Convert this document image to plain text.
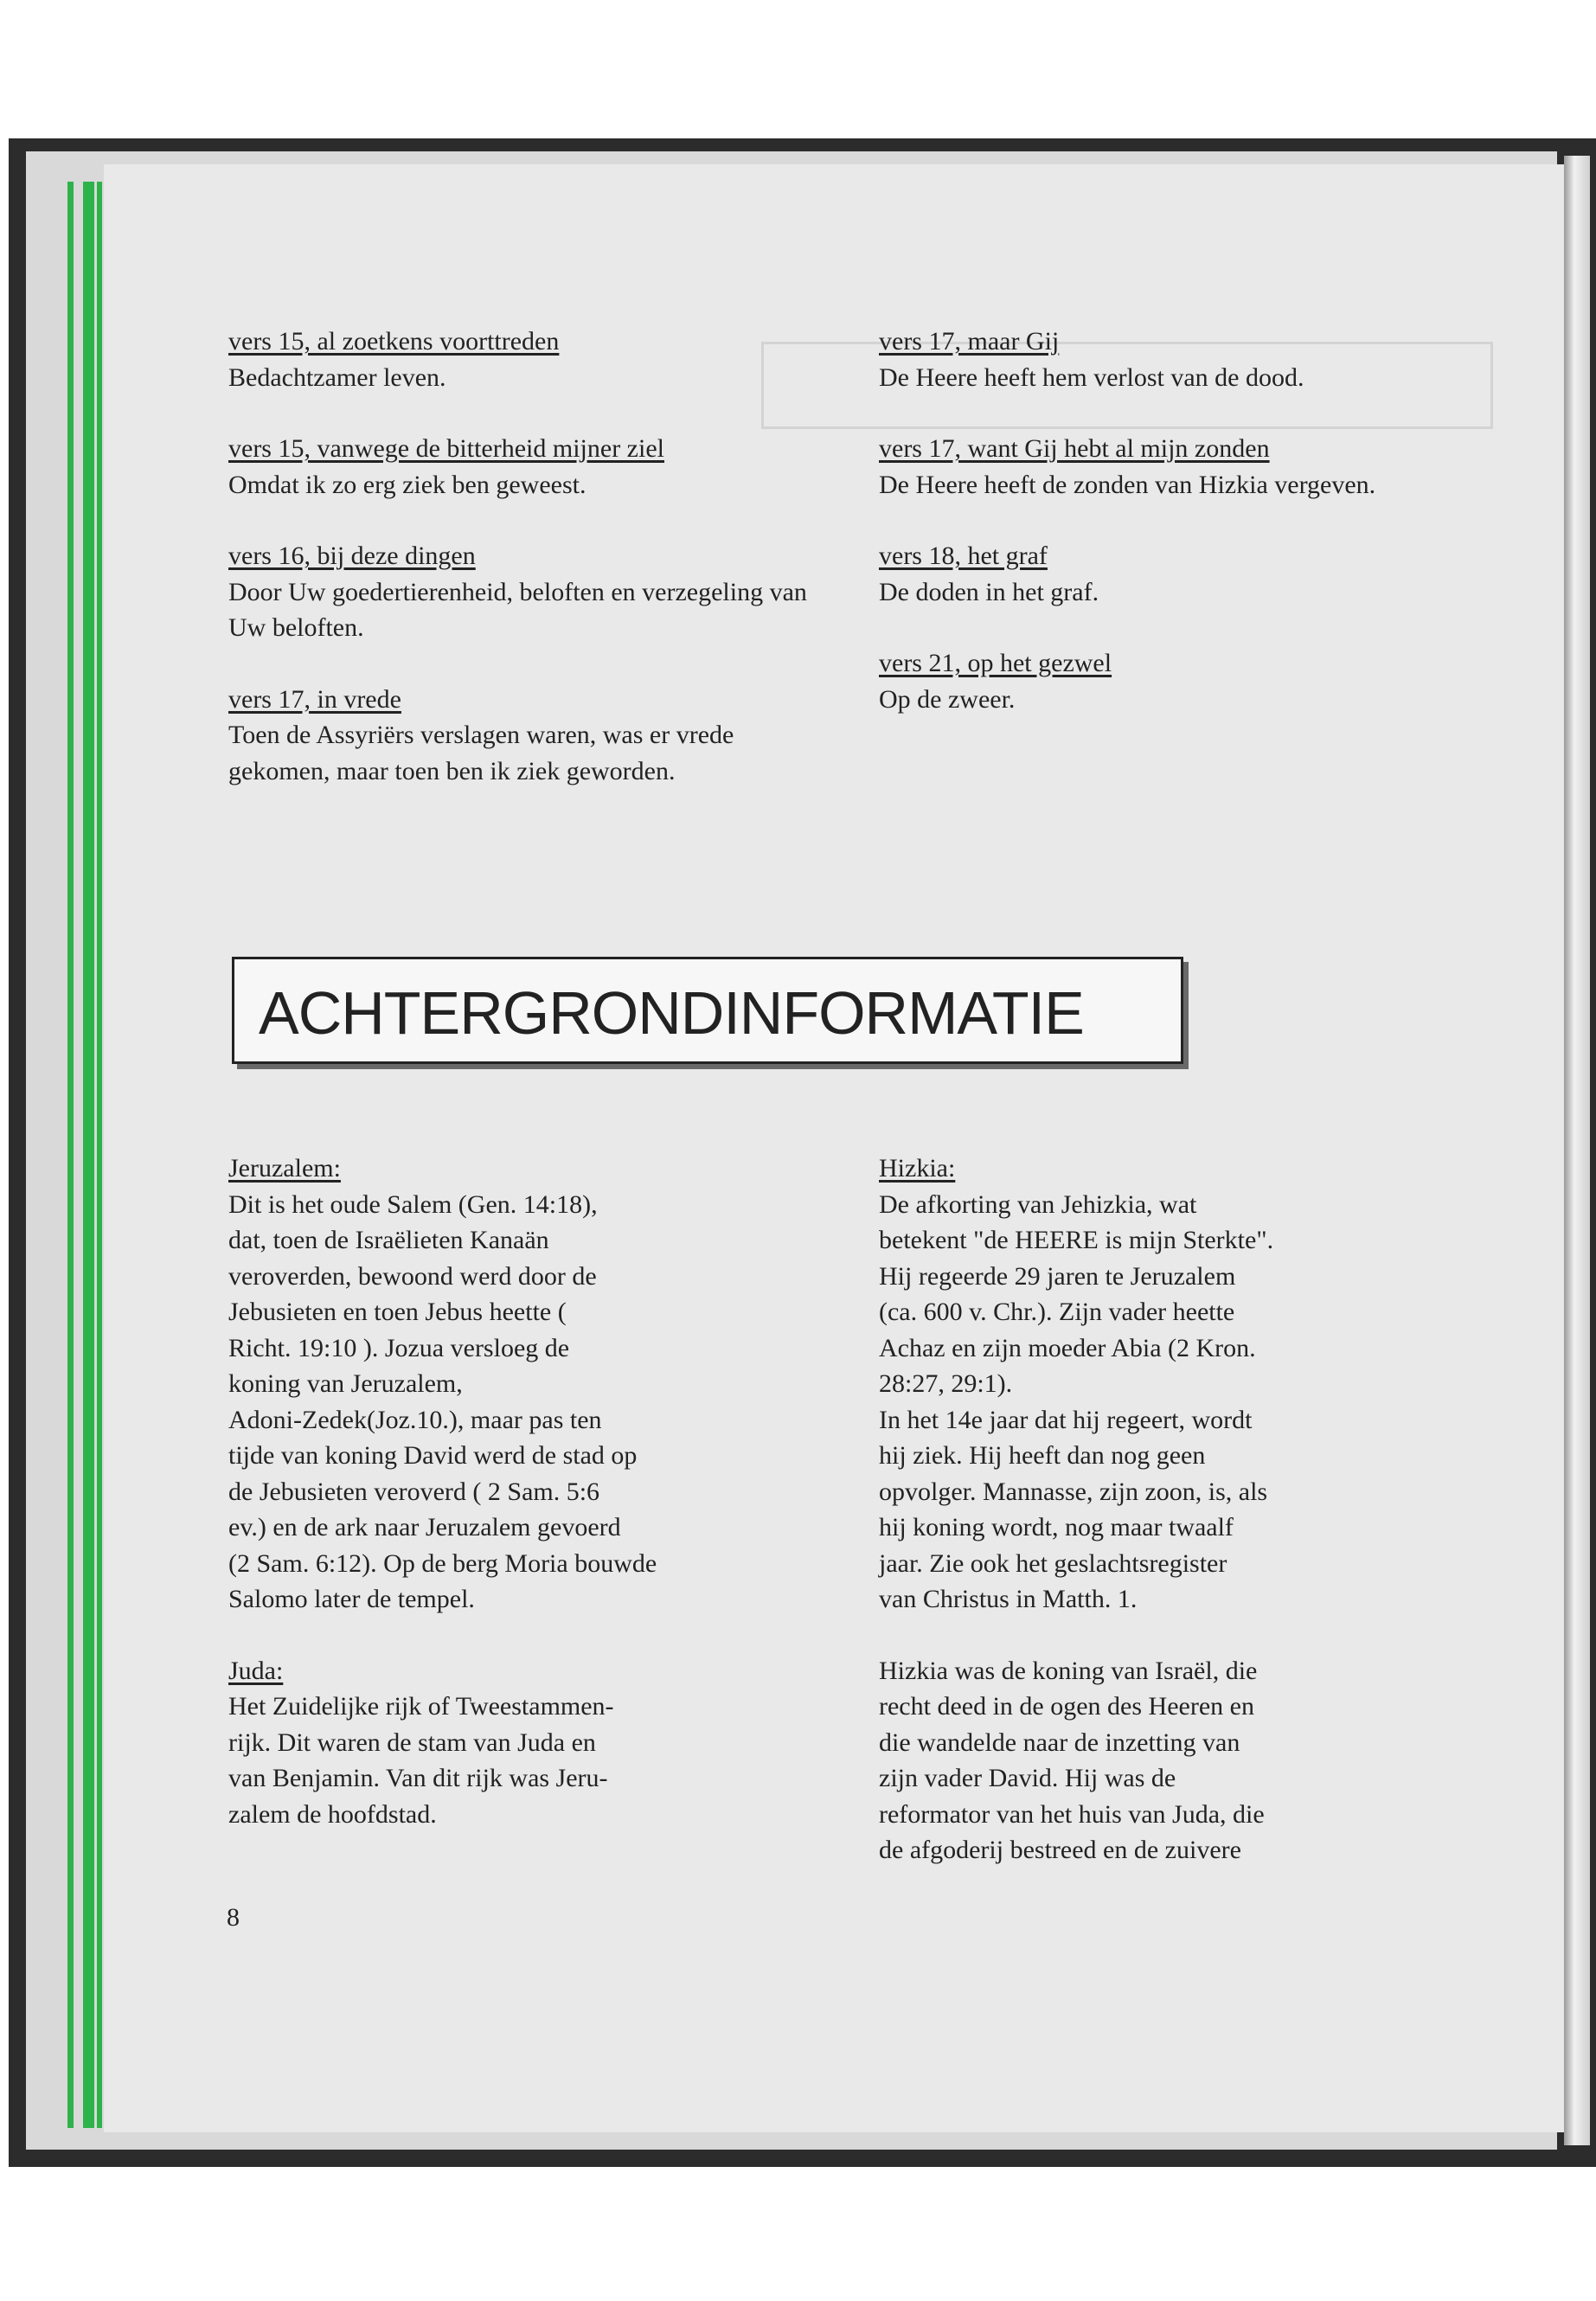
vers 15, al zoetkens voorttreden

Bedachtzamer leven.

vers 15, vanwege de bitterheid mijner ziel

Omdat ik zo erg ziek ben geweest.

vers 16, bij deze dingen

Door Uw goedertierenheid, beloften en verzegeling van Uw beloften.

vers 17, in vrede

Toen de Assyriërs verslagen waren, was er vrede gekomen, maar toen ben ik ziek geworden.

vers 17, maar Gij

De Heere heeft hem verlost van de dood.

vers 17, want Gij hebt al mijn zonden

De Heere heeft de zonden van Hizkia vergeven.

vers 18, het graf

De doden in het graf.

vers 21, op het gezwel

Op de zweer.

ACHTERGRONDINFORMATIE
Jeruzalem:

Dit is het oude Salem (Gen. 14:18),

dat, toen de Israëlieten Kanaän

veroverden, bewoond werd door de

Jebusieten en toen Jebus heette (

Richt. 19:10 ). Jozua versloeg de

koning van Jeruzalem,

Adoni-Zedek(Joz.10.), maar pas ten

tijde van koning David werd de stad op

de Jebusieten veroverd ( 2 Sam. 5:6

ev.) en de ark naar Jeruzalem gevoerd

(2 Sam. 6:12). Op de berg Moria bouwde

Salomo later de tempel.

Juda:

Het Zuidelijke rijk of Tweestammen-

rijk. Dit waren de stam van Juda en

van Benjamin. Van dit rijk was Jeru-

zalem de hoofdstad.

Hizkia:

De afkorting van Jehizkia, wat

betekent "de HEERE is mijn Sterkte".

Hij regeerde 29 jaren te Jeruzalem

(ca. 600 v. Chr.). Zijn vader heette

Achaz en zijn moeder Abia (2 Kron.

28:27, 29:1).

In het 14e jaar dat hij regeert, wordt

hij ziek. Hij heeft dan nog geen

opvolger. Mannasse, zijn zoon, is, als

hij koning wordt, nog maar twaalf

jaar. Zie ook het geslachtsregister

van Christus in Matth. 1.

Hizkia was de koning van Israël, die

recht deed in de ogen des Heeren en

die wandelde naar de inzetting van

zijn vader David. Hij was de

reformator van het huis van Juda, die

de afgoderij bestreed en de zuivere

8
